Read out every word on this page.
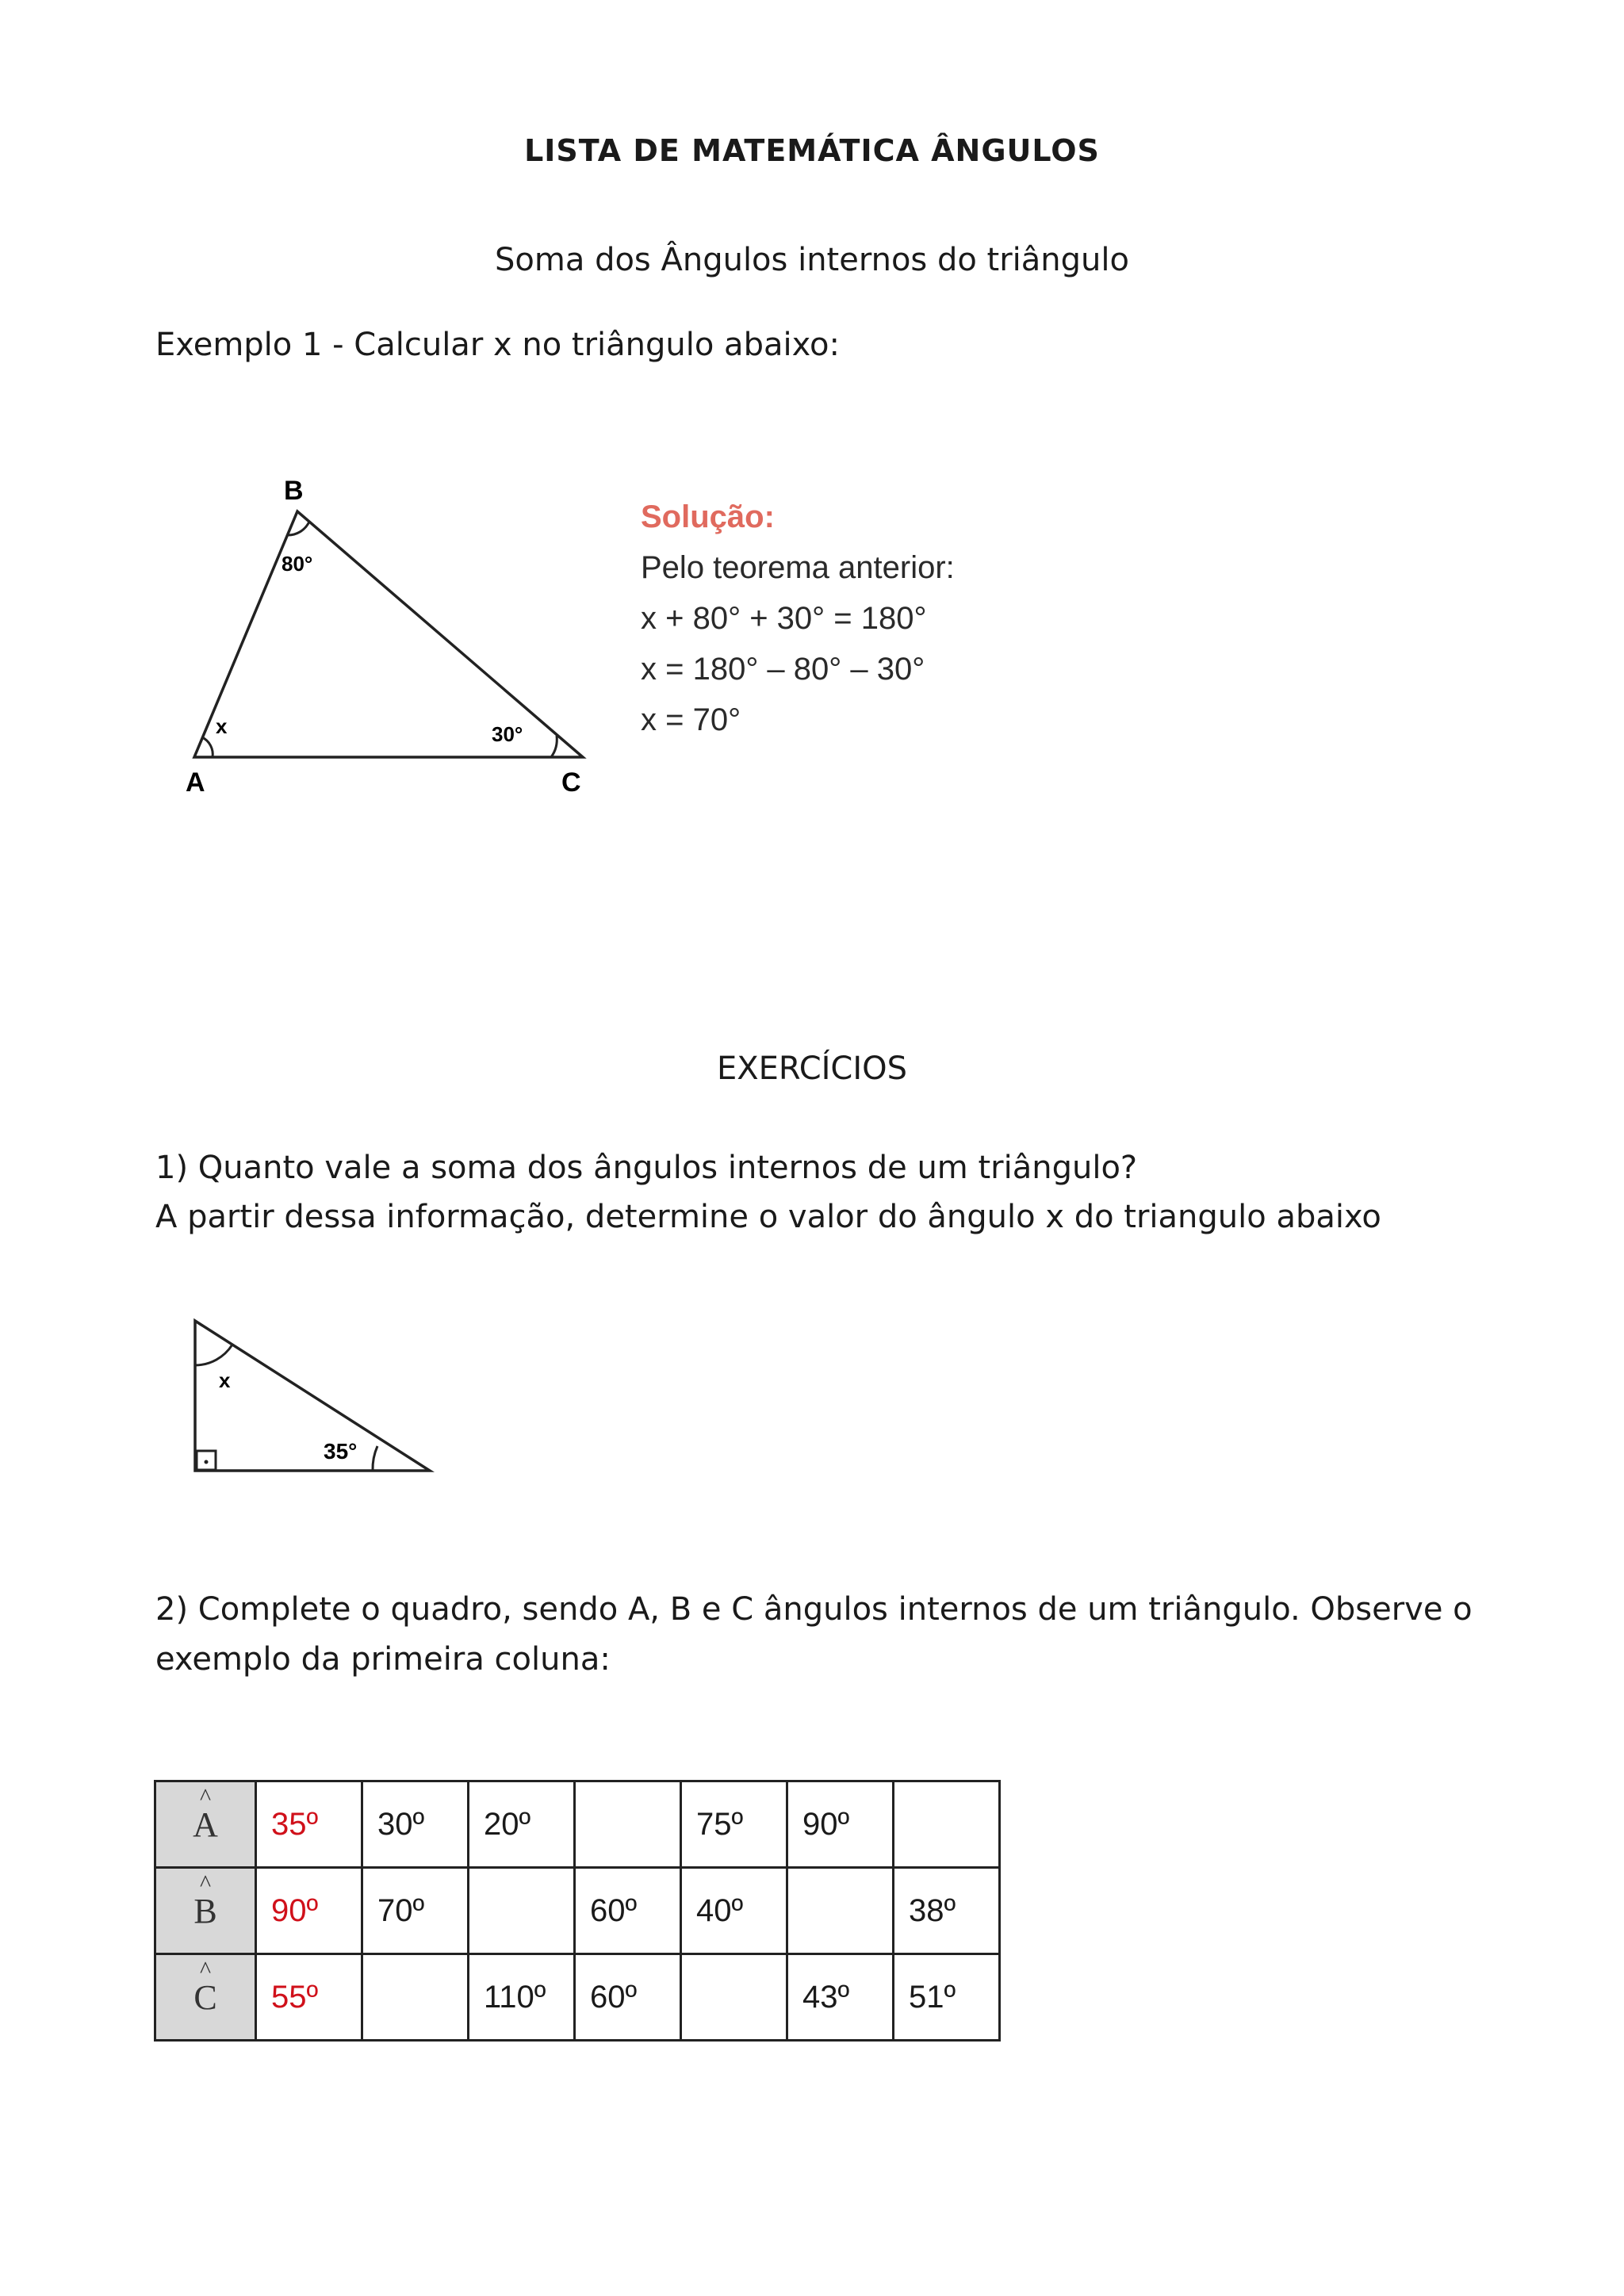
LISTA DE MATEMÁTICA ÂNGULOS
Soma dos Ângulos internos do triângulo
Exemplo 1 - Calcular x no triângulo abaixo:
B
80°
x	30°
A	C
Solução:
Pelo teorema anterior:
x + 80° + 30° = 180°
x = 180° – 80° – 30°
x = 70°
EXERCÍCIOS
1) Quanto vale a soma dos ângulos internos de um triângulo?
A partir dessa informação, determine o valor do ângulo x do triangulo abaixo
x
35°
2) Complete o quadro, sendo A, B e C ângulos internos de um triângulo. Observe o
exemplo da primeira coluna:
^
A	35º	30º	20º		75º	90º	

^
B	90º	70º		60º	40º		38º

^
C	55º		110º	60º		43º	51º
